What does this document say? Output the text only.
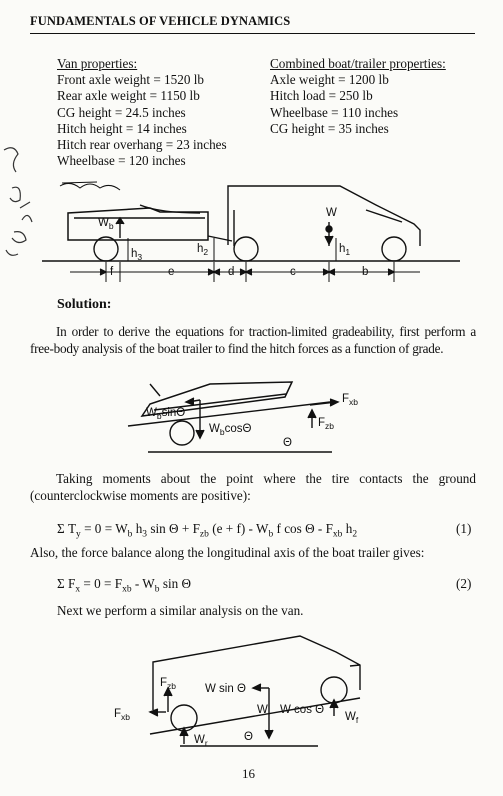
FUNDAMENTALS OF VEHICLE DYNAMICS
Van properties:
Front axle weight = 1520 lb
Rear axle weight = 1150 lb
CG height = 24.5 inches
Hitch height = 14 inches
Hitch rear overhang = 23 inches
Wheelbase = 120 inches
Combined boat/trailer properties:
Axle weight = 1200 lb
Hitch load = 250 lb
Wheelbase = 110 inches
CG height = 35 inches
$W_b$
W
$h_3$
$h_2$	$h_1$
f	e	d	c	b
Solution:
In order to derive the equations for traction-limited gradeability, first perform a free-body analysis of the boat trailer to find the hitch forces as a function of grade.
$W_b\sin\Theta$
$W_b\cos\Theta$
$F_{xb}$
$F_{zb}$
Θ
Taking moments about the point where the tire contacts the ground (counterclockwise moments are positive):
Σ $T_y = 0 = W_b$ $h_3$ $\sin \Theta + F_{zb}$ $(e + f) - W_b$ f cos Θ - $F_{xb}$ $h_2$	(1)
Also, the force balance along the longitudinal axis of the boat trailer gives:
Σ $F_x = 0 = F_{xb} - W_b$ sin Θ	(2)
Next we perform a similar analysis on the van.
$F_{zb}$
$F_{xb}$
W sin Θ
W W cos Θ
$W_f$
$W_r$	Θ
16
